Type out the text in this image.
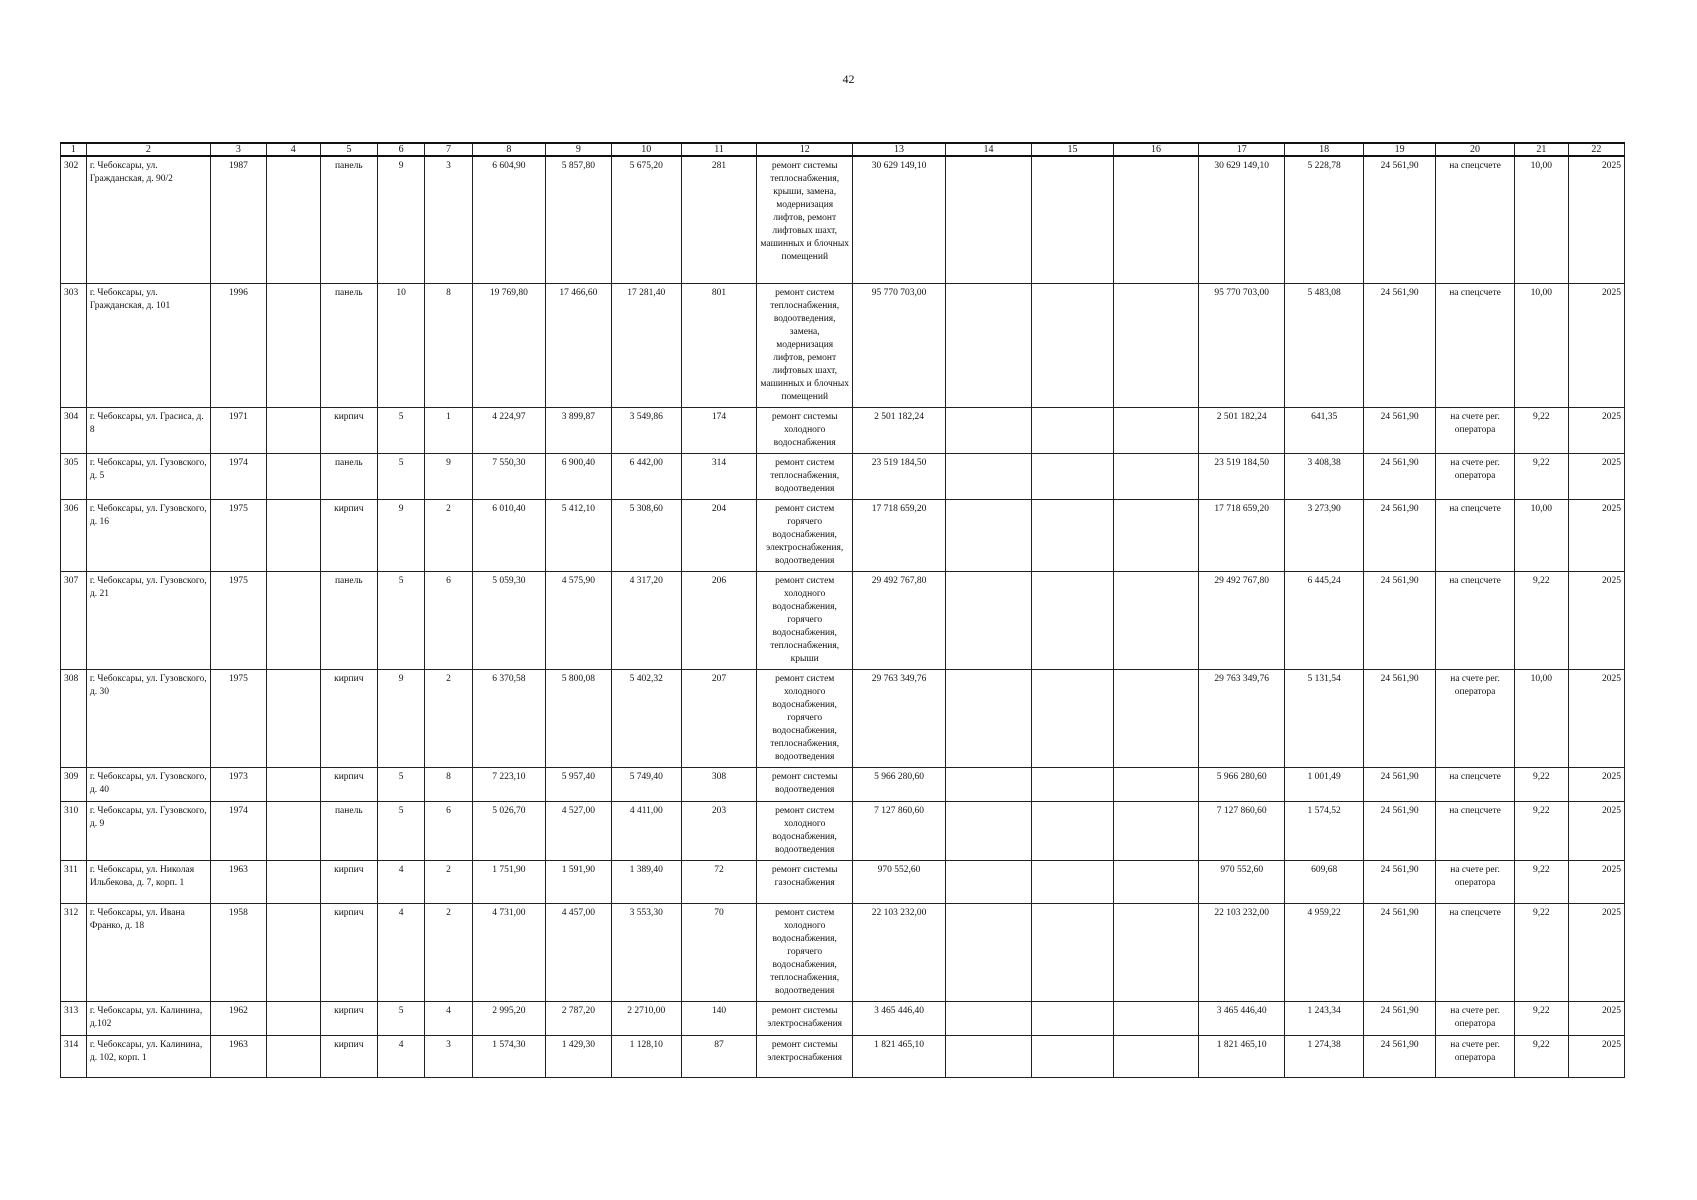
42
1	2	3	4	5	6	7	8	9	10	11	12	13	14	15	16	17	18	19	20	21	22
302	г. Чебоксары, ул. Гражданская, д. 90/2	1987		панель	9	3	6 604,90	5 857,80	5 675,20	281	ремонт системы теплоснабжения, крыши, замена, модернизация лифтов, ремонт лифтовых шахт, машинных и блочных помещений	30 629 149,10				30 629 149,10	5 228,78	24 561,90	на спецсчете	10,00	2025
303	г. Чебоксары, ул. Гражданская, д. 101	1996		панель	10	8	19 769,80	17 466,60	17 281,40	801	ремонт систем теплоснабжения, водоотведения, замена, модернизация лифтов, ремонт лифтовых шахт, машинных и блочных помещений	95 770 703,00				95 770 703,00	5 483,08	24 561,90	на спецсчете	10,00	2025
304	г. Чебоксары, ул. Грасиса, д. 8	1971		кирпич	5	1	4 224,97	3 899,87	3 549,86	174	ремонт системы холодного водоснабжения	2 501 182,24				2 501 182,24	641,35	24 561,90	на счете рег. оператора	9,22	2025
305	г. Чебоксары, ул. Гузовского, д. 5	1974		панель	5	9	7 550,30	6 900,40	6 442,00	314	ремонт систем теплоснабжения, водоотведения	23 519 184,50				23 519 184,50	3 408,38	24 561,90	на счете рег. оператора	9,22	2025
306	г. Чебоксары, ул. Гузовского, д. 16	1975		кирпич	9	2	6 010,40	5 412,10	5 308,60	204	ремонт систем горячего водоснабжения, электроснабжения, водоотведения	17 718 659,20				17 718 659,20	3 273,90	24 561,90	на спецсчете	10,00	2025
307	г. Чебоксары, ул. Гузовского, д. 21	1975		панель	5	6	5 059,30	4 575,90	4 317,20	206	ремонт систем холодного водоснабжения, горячего водоснабжения, теплоснабжения, крыши	29 492 767,80				29 492 767,80	6 445,24	24 561,90	на спецсчете	9,22	2025
308	г. Чебоксары, ул. Гузовского, д. 30	1975		кирпич	9	2	6 370,58	5 800,08	5 402,32	207	ремонт систем холодного водоснабжения, горячего водоснабжения, теплоснабжения, водоотведения	29 763 349,76				29 763 349,76	5 131,54	24 561,90	на счете рег. оператора	10,00	2025
309	г. Чебоксары, ул. Гузовского, д. 40	1973		кирпич	5	8	7 223,10	5 957,40	5 749,40	308	ремонт системы водоотведения	5 966 280,60				5 966 280,60	1 001,49	24 561,90	на спецсчете	9,22	2025
310	г. Чебоксары, ул. Гузовского, д. 9	1974		панель	5	6	5 026,70	4 527,00	4 411,00	203	ремонт систем холодного водоснабжения, водоотведения	7 127 860,60				7 127 860,60	1 574,52	24 561,90	на спецсчете	9,22	2025
311	г. Чебоксары, ул. Николая Ильбекова, д. 7, корп. 1	1963		кирпич	4	2	1 751,90	1 591,90	1 389,40	72	ремонт системы газоснабжения	970 552,60				970 552,60	609,68	24 561,90	на счете рег. оператора	9,22	2025
312	г. Чебоксары, ул. Ивана Франко, д. 18	1958		кирпич	4	2	4 731,00	4 457,00	3 553,30	70	ремонт систем холодного водоснабжения, горячего водоснабжения, теплоснабжения, водоотведения	22 103 232,00				22 103 232,00	4 959,22	24 561,90	на спецсчете	9,22	2025
313	г. Чебоксары, ул. Калинина, д.102	1962		кирпич	5	4	2 995,20	2 787,20	2 2710,00	140	ремонт системы электроснабжения	3 465 446,40				3 465 446,40	1 243,34	24 561,90	на счете рег. оператора	9,22	2025
314	г. Чебоксары, ул. Калинина, д. 102, корп. 1	1963		кирпич	4	3	1 574,30	1 429,30	1 128,10	87	ремонт системы электроснабжения	1 821 465,10				1 821 465,10	1 274,38	24 561,90	на счете рег. оператора	9,22	2025
